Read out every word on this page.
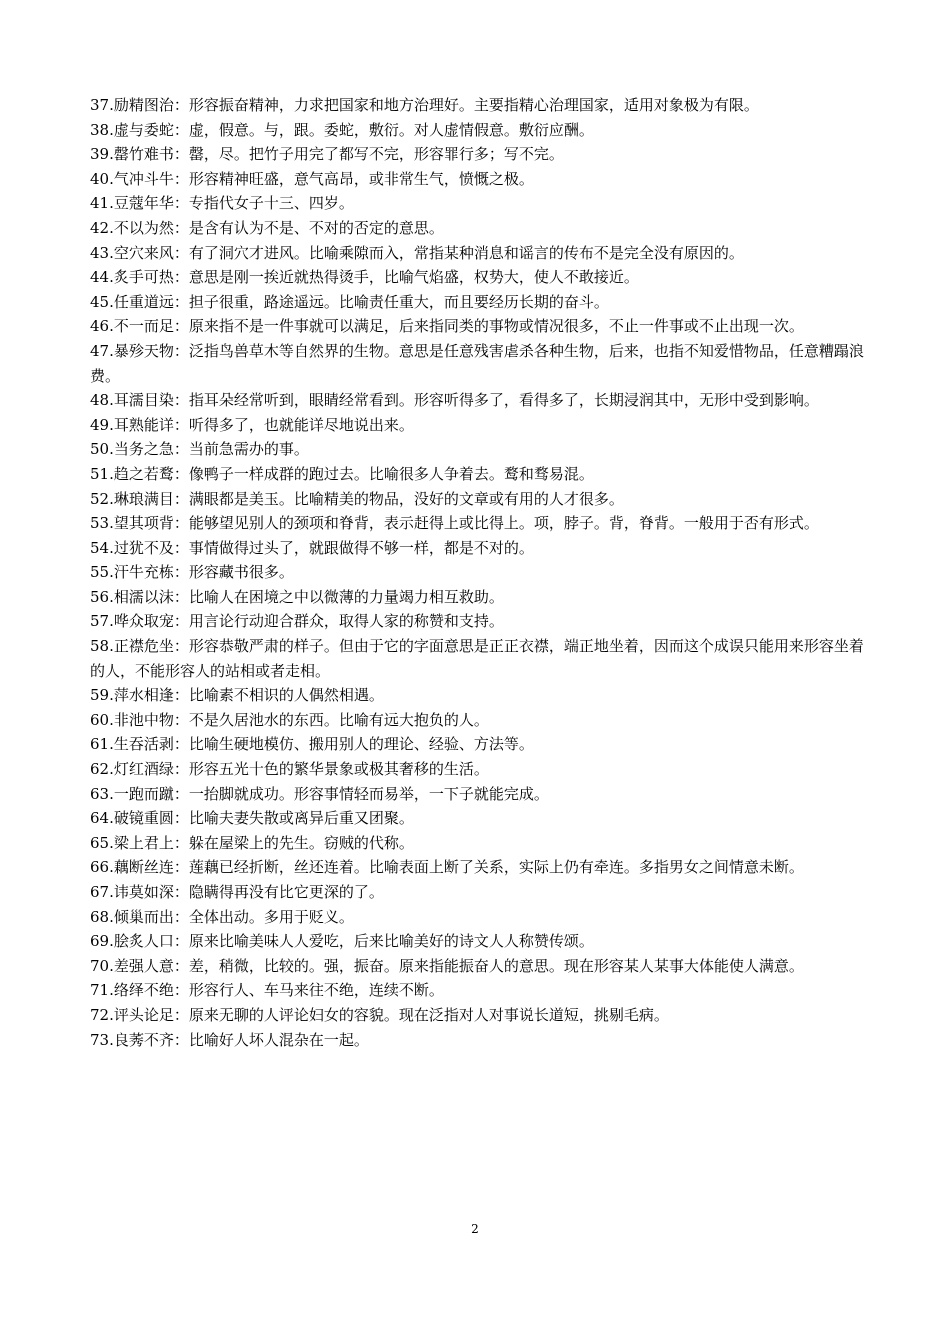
37.励精图治：形容振奋精神，力求把国家和地方治理好。主要指精心治理国家，适用对象极为有限。

38.虚与委蛇：虚，假意。与，跟。委蛇，敷衍。对人虚情假意。敷衍应酬。

39.罄竹难书：罄，尽。把竹子用完了都写不完，形容罪行多；写不完。

40.气冲斗牛：形容精神旺盛，意气高昂，或非常生气，愤慨之极。

41.豆蔻年华：专指代女子十三、四岁。

42.不以为然：是含有认为不是、不对的否定的意思。

43.空穴来风：有了洞穴才进风。比喻乘隙而入，常指某种消息和谣言的传布不是完全没有原因的。

44.炙手可热：意思是刚一挨近就热得烫手，比喻气焰盛，权势大，使人不敢接近。

45.任重道远：担子很重，路途遥远。比喻责任重大，而且要经历长期的奋斗。

46.不一而足：原来指不是一件事就可以满足，后来指同类的事物或情况很多，不止一件事或不止出现一次。

47.暴殄天物：泛指鸟兽草木等自然界的生物。意思是任意残害虐杀各种生物，后来，也指不知爱惜物品，任意糟蹋浪费。

48.耳濡目染：指耳朵经常听到，眼睛经常看到。形容听得多了，看得多了，长期浸润其中，无形中受到影响。

49.耳熟能详：听得多了，也就能详尽地说出来。

50.当务之急：当前急需办的事。

51.趋之若鹜：像鸭子一样成群的跑过去。比喻很多人争着去。鹜和骛易混。

52.琳琅满目：满眼都是美玉。比喻精美的物品，没好的文章或有用的人才很多。

53.望其项背：能够望见别人的颈项和脊背，表示赶得上或比得上。项，脖子。背，脊背。一般用于否有形式。

54.过犹不及：事情做得过头了，就跟做得不够一样，都是不对的。

55.汗牛充栋：形容藏书很多。

56.相濡以沫：比喻人在困境之中以微薄的力量竭力相互救助。

57.哗众取宠：用言论行动迎合群众，取得人家的称赞和支持。

58.正襟危坐：形容恭敬严肃的样子。但由于它的字面意思是正正衣襟，端正地坐着，因而这个成误只能用来形容坐着的人，不能形容人的站相或者走相。

59.萍水相逢：比喻素不相识的人偶然相遇。

60.非池中物：不是久居池水的东西。比喻有远大抱负的人。

61.生吞活剥：比喻生硬地模仿、搬用别人的理论、经验、方法等。

62.灯红酒绿：形容五光十色的繁华景象或极其奢移的生活。

63.一跑而蹴：一抬脚就成功。形容事情轻而易举，一下子就能完成。

64.破镜重圆：比喻夫妻失散或离异后重又团聚。

65.梁上君上：躲在屋梁上的先生。窃贼的代称。

66.藕断丝连：莲藕已经折断，丝还连着。比喻表面上断了关系，实际上仍有牵连。多指男女之间情意未断。

67.讳莫如深：隐瞒得再没有比它更深的了。

68.倾巢而出：全体出动。多用于贬义。

69.脍炙人口：原来比喻美味人人爱吃，后来比喻美好的诗文人人称赞传颂。

70.差强人意：差，稍微，比较的。强，振奋。原来指能振奋人的意思。现在形容某人某事大体能使人满意。

71.络绎不绝：形容行人、车马来往不绝，连续不断。

72.评头论足：原来无聊的人评论妇女的容貌。现在泛指对人对事说长道短，挑剔毛病。

73.良莠不齐：比喻好人坏人混杂在一起。

2
